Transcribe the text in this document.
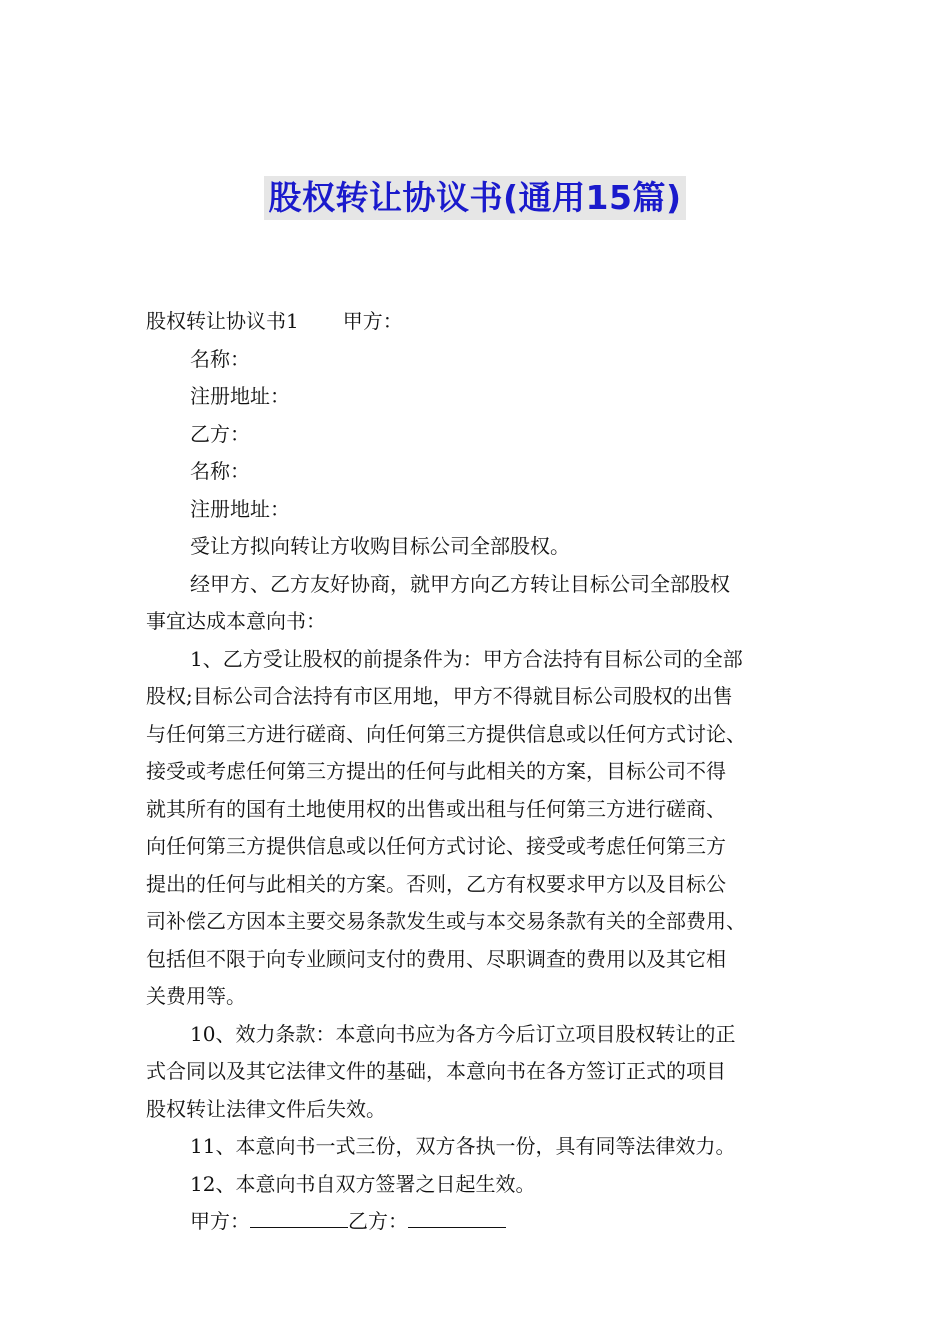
股权转让协议书(通用15篇)

股权转让协议书1 甲方：

名称：

注册地址：

乙方：

名称：

注册地址：

受让方拟向转让方收购目标公司全部股权。

经甲方、乙方友好协商，就甲方向乙方转让目标公司全部股权

事宜达成本意向书：

1、乙方受让股权的前提条件为：甲方合法持有目标公司的全部

股权;目标公司合法持有市区用地，甲方不得就目标公司股权的出售

与任何第三方进行磋商、向任何第三方提供信息或以任何方式讨论、

接受或考虑任何第三方提出的任何与此相关的方案，目标公司不得

就其所有的国有土地使用权的出售或出租与任何第三方进行磋商、

向任何第三方提供信息或以任何方式讨论、接受或考虑任何第三方

提出的任何与此相关的方案。否则，乙方有权要求甲方以及目标公

司补偿乙方因本主要交易条款发生或与本交易条款有关的全部费用、

包括但不限于向专业顾问支付的费用、尽职调查的费用以及其它相

关费用等。

10、效力条款：本意向书应为各方今后订立项目股权转让的正

式合同以及其它法律文件的基础，本意向书在各方签订正式的项目

股权转让法律文件后失效。

11、本意向书一式三份，双方各执一份，具有同等法律效力。

12、本意向书自双方签署之日起生效。

甲方：	乙方：
